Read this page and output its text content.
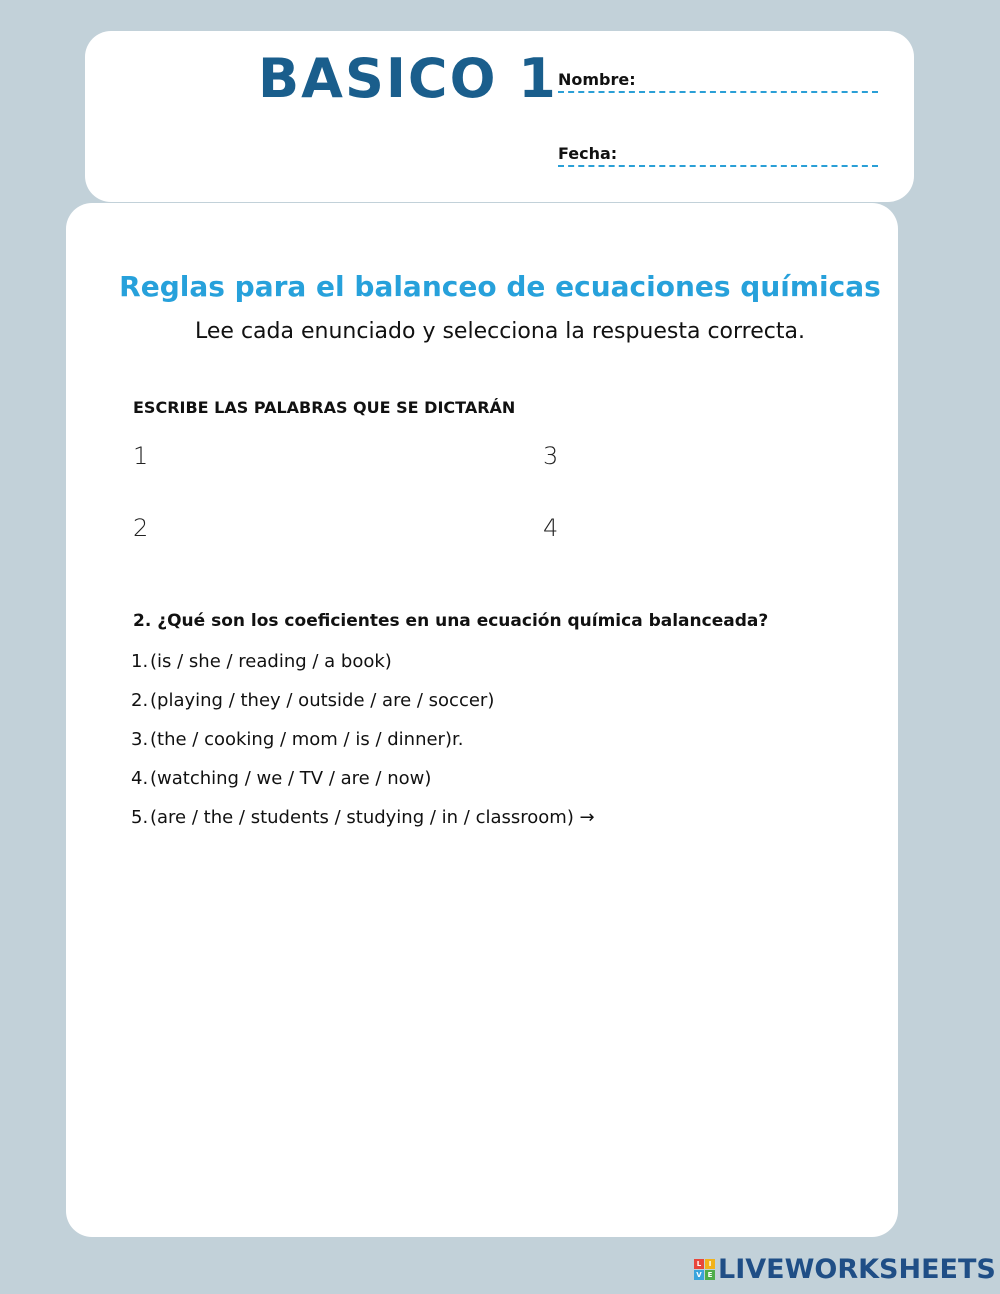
BASICO 1 Nombre:
Fecha:
Reglas para el balanceo de ecuaciones químicas
Lee cada enunciado y selecciona la respuesta correcta.
ESCRIBE LAS PALABRAS QUE SE DICTARÁN
1
2
3
4
2. ¿Qué son los coeficientes en una ecuación química balanceada?
1. (is / she / reading / a book)
2. (playing / they / outside / are / soccer)
3. (the / cooking / mom / is / dinner)r.
4. (watching / we / TV / are / now)
5. (are / the / students / studying / in / classroom) →
L	I
V E LIVEWORKSHEETS
